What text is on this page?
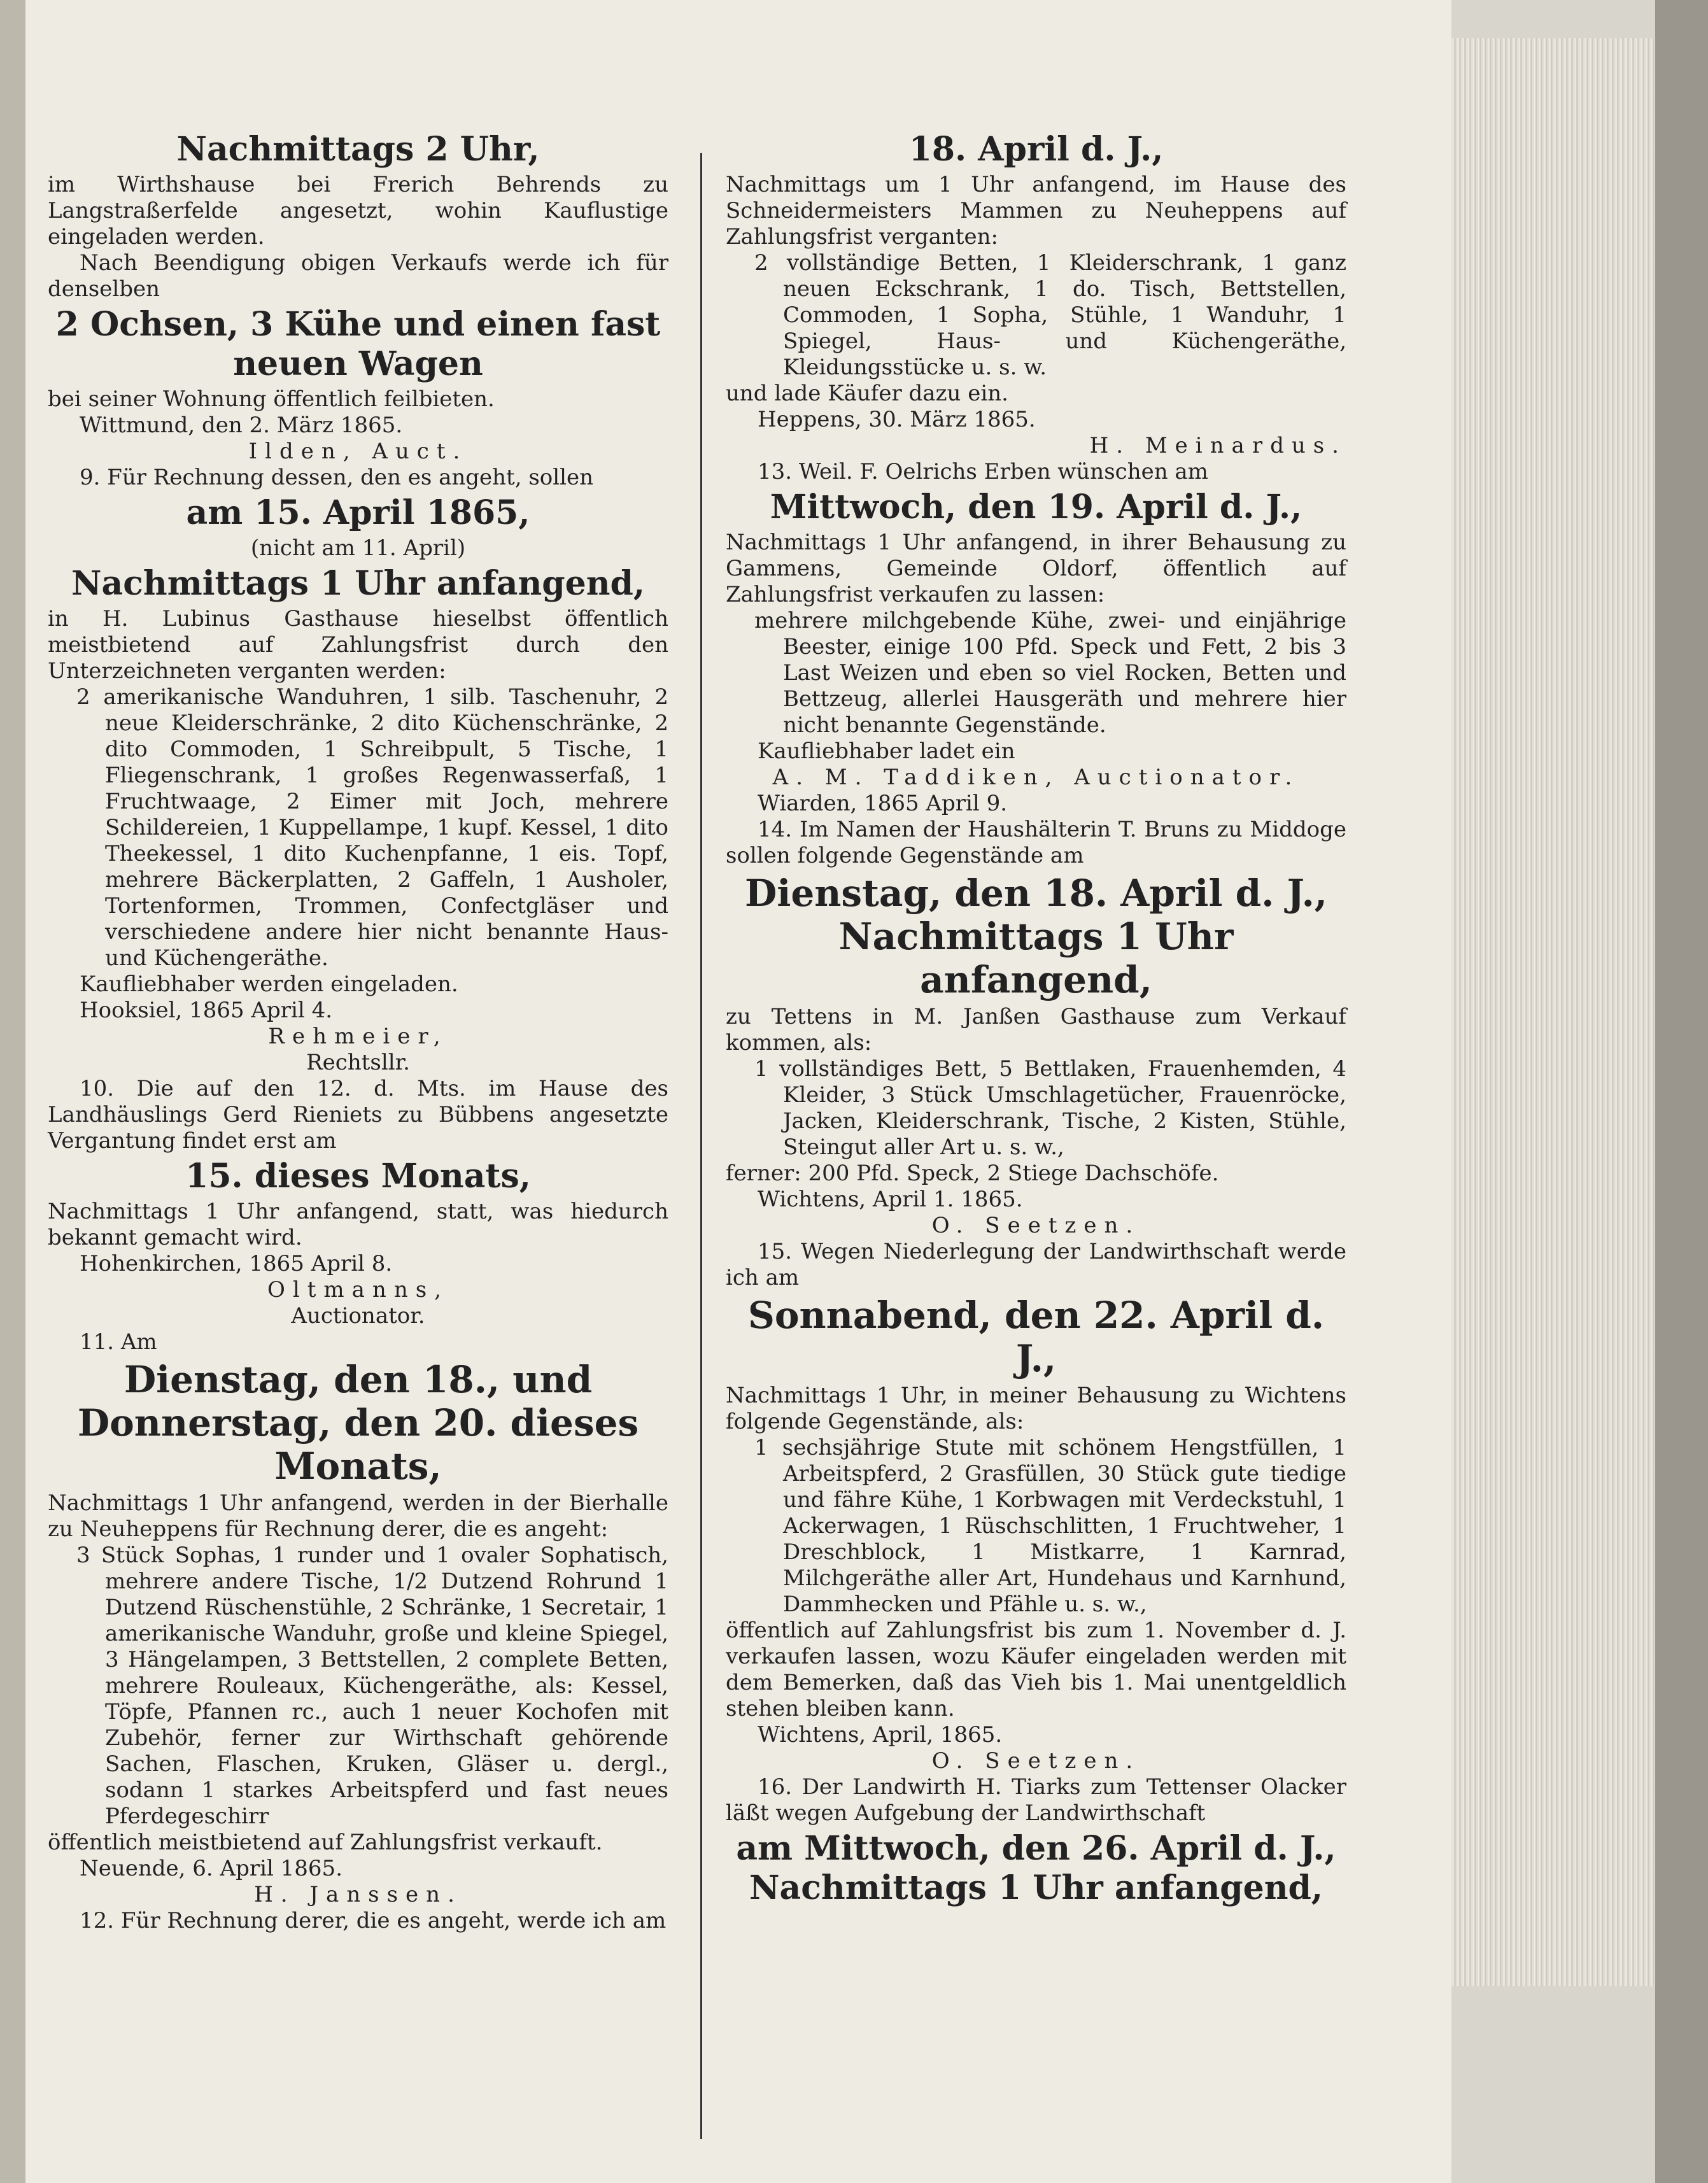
Nachmittags 2 Uhr,
im Wirthshause bei Frerich Behrends zu Langstraßerfelde angesetzt, wohin Kauflustige eingeladen werden.
Nach Beendigung obigen Verkaufs werde ich für denselben
2 Ochsen, 3 Kühe und einen fast neuen Wagen
bei seiner Wohnung öffentlich feilbieten.
Wittmund, den 2. März 1865.
Ilden, Auct.
9. Für Rechnung dessen, den es angeht, sollen
am 15. April 1865,
(nicht am 11. April)
Nachmittags 1 Uhr anfangend,
in H. Lubinus Gasthause hieselbst öffentlich meistbietend auf Zahlungsfrist durch den Unterzeichneten verganten werden:
2 amerikanische Wanduhren, 1 silb. Taschenuhr, 2 neue Kleiderschränke, 2 dito Küchenschränke, 2 dito Commoden, 1 Schreibpult, 5 Tische, 1 Fliegenschrank, 1 großes Regenwasserfaß, 1 Fruchtwaage, 2 Eimer mit Joch, mehrere Schildereien, 1 Kuppellampe, 1 kupf. Kessel, 1 dito Theekessel, 1 dito Kuchenpfanne, 1 eis. Topf, mehrere Bäckerplatten, 2 Gaffeln, 1 Ausholer, Tortenformen, Trommen, Confectgläser und verschiedene andere hier nicht benannte Haus- und Küchengeräthe.
Kaufliebhaber werden eingeladen.
Hooksiel, 1865 April 4.
Rehmeier,
Rechtsllr.
10. Die auf den 12. d. Mts. im Hause des Landhäuslings Gerd Rieniets zu Bübbens angesetzte Vergantung findet erst am
15. dieses Monats,
Nachmittags 1 Uhr anfangend, statt, was hiedurch bekannt gemacht wird.
Hohenkirchen, 1865 April 8.
Oltmanns,
Auctionator.
11. Am
Dienstag, den 18., und Donnerstag, den 20. dieses Monats,
Nachmittags 1 Uhr anfangend, werden in der Bierhalle zu Neuheppens für Rechnung derer, die es angeht:
3 Stück Sophas, 1 runder und 1 ovaler Sophatisch, mehrere andere Tische, 1/2 Dutzend Rohrund 1 Dutzend Rüschenstühle, 2 Schränke, 1 Secretair, 1 amerikanische Wanduhr, große und kleine Spiegel, 3 Hängelampen, 3 Bettstellen, 2 complete Betten, mehrere Rouleaux, Küchengeräthe, als: Kessel, Töpfe, Pfannen rc., auch 1 neuer Kochofen mit Zubehör, ferner zur Wirthschaft gehörende Sachen, Flaschen, Kruken, Gläser u. dergl., sodann 1 starkes Arbeitspferd und fast neues Pferdegeschirr
öffentlich meistbietend auf Zahlungsfrist verkauft.
Neuende, 6. April 1865.
H. Janssen.
12. Für Rechnung derer, die es angeht, werde ich am
18. April d. J.,
Nachmittags um 1 Uhr anfangend, im Hause des Schneidermeisters Mammen zu Neuheppens auf Zahlungsfrist verganten:
2 vollständige Betten, 1 Kleiderschrank, 1 ganz neuen Eckschrank, 1 do. Tisch, Bettstellen, Commoden, 1 Sopha, Stühle, 1 Wanduhr, 1 Spiegel, Haus- und Küchengeräthe, Kleidungsstücke u. s. w.
und lade Käufer dazu ein.
Heppens, 30. März 1865.
H. Meinardus.
13. Weil. F. Oelrichs Erben wünschen am
Mittwoch, den 19. April d. J.,
Nachmittags 1 Uhr anfangend, in ihrer Behausung zu Gammens, Gemeinde Oldorf, öffentlich auf Zahlungsfrist verkaufen zu lassen:
mehrere milchgebende Kühe, zwei- und einjährige Beester, einige 100 Pfd. Speck und Fett, 2 bis 3 Last Weizen und eben so viel Rocken, Betten und Bettzeug, allerlei Hausgeräth und mehrere hier nicht benannte Gegenstände.
Kaufliebhaber ladet ein
A. M. Taddiken, Auctionator.
Wiarden, 1865 April 9.
14. Im Namen der Haushälterin T. Bruns zu Middoge sollen folgende Gegenstände am
Dienstag, den 18. April d. J., Nachmittags 1 Uhr anfangend,
zu Tettens in M. Janßen Gasthause zum Verkauf kommen, als:
1 vollständiges Bett, 5 Bettlaken, Frauenhemden, 4 Kleider, 3 Stück Umschlagetücher, Frauenröcke, Jacken, Kleiderschrank, Tische, 2 Kisten, Stühle, Steingut aller Art u. s. w.,
ferner: 200 Pfd. Speck, 2 Stiege Dachschöfe.
Wichtens, April 1. 1865.
O. Seetzen.
15. Wegen Niederlegung der Landwirthschaft werde ich am
Sonnabend, den 22. April d. J.,
Nachmittags 1 Uhr, in meiner Behausung zu Wichtens folgende Gegenstände, als:
1 sechsjährige Stute mit schönem Hengstfüllen, 1 Arbeitspferd, 2 Grasfüllen, 30 Stück gute tiedige und fähre Kühe, 1 Korbwagen mit Verdeckstuhl, 1 Ackerwagen, 1 Rüschschlitten, 1 Fruchtweher, 1 Dreschblock, 1 Mistkarre, 1 Karnrad, Milchgeräthe aller Art, Hundehaus und Karnhund, Dammhecken und Pfähle u. s. w.,
öffentlich auf Zahlungsfrist bis zum 1. November d. J. verkaufen lassen, wozu Käufer eingeladen werden mit dem Bemerken, daß das Vieh bis 1. Mai unentgeldlich stehen bleiben kann.
Wichtens, April, 1865.
O. Seetzen.
16. Der Landwirth H. Tiarks zum Tettenser Olacker läßt wegen Aufgebung der Landwirthschaft
am Mittwoch, den 26. April d. J., Nachmittags 1 Uhr anfangend,
